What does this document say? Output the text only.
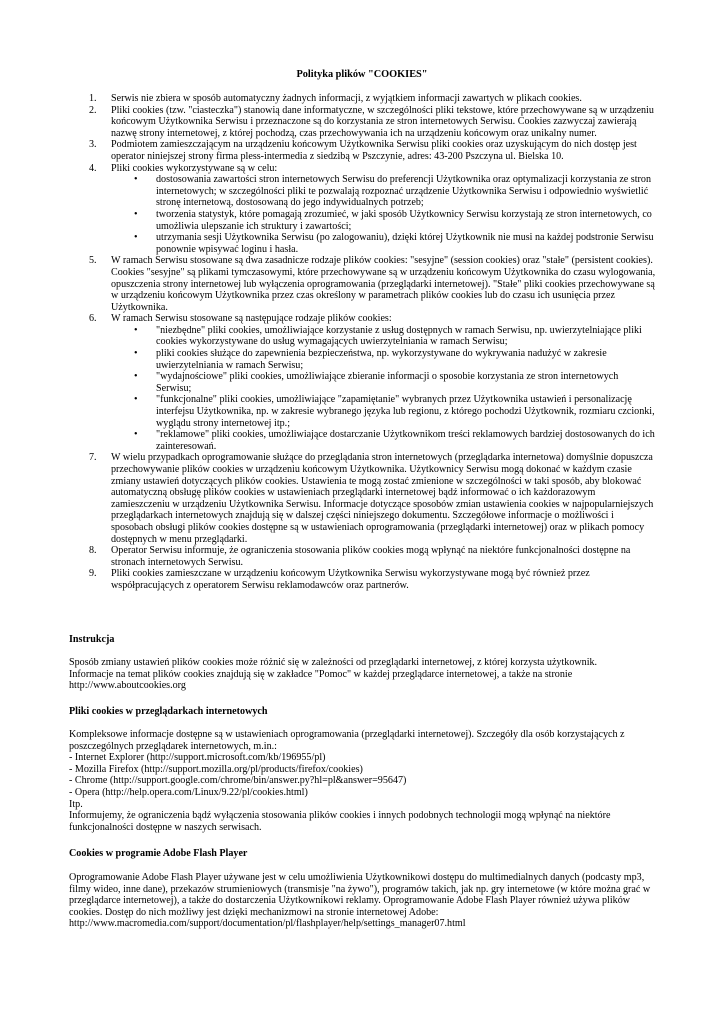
Polityka plików "COOKIES"
1. Serwis nie zbiera w sposób automatyczny żadnych informacji, z wyjątkiem informacji zawartych w plikach cookies.
2. Pliki cookies (tzw. "ciasteczka") stanowią dane informatyczne, w szczególności pliki tekstowe, które przechowywane są w urządzeniu końcowym Użytkownika Serwisu i przeznaczone są do korzystania ze stron internetowych Serwisu. Cookies zazwyczaj zawierają nazwę strony internetowej, z której pochodzą, czas przechowywania ich na urządzeniu końcowym oraz unikalny numer.
3. Podmiotem zamieszczającym na urządzeniu końcowym Użytkownika Serwisu pliki cookies oraz uzyskującym do nich dostęp jest operator niniejszej strony firma pless-intermedia z siedzibą w Pszczynie, adres: 43-200 Pszczyna ul. Bielska 10.
4. Pliki cookies wykorzystywane są w celu:
• dostosowania zawartości stron internetowych Serwisu do preferencji Użytkownika oraz optymalizacji korzystania ze stron internetowych; w szczególności pliki te pozwalają rozpoznać urządzenie Użytkownika Serwisu i odpowiednio wyświetlić stronę internetową, dostosowaną do jego indywidualnych potrzeb;
• tworzenia statystyk, które pomagają zrozumieć, w jaki sposób Użytkownicy Serwisu korzystają ze stron internetowych, co umożliwia ulepszanie ich struktury i zawartości;
• utrzymania sesji Użytkownika Serwisu (po zalogowaniu), dzięki której Użytkownik nie musi na każdej podstronie Serwisu ponownie wpisywać loginu i hasła.
5. W ramach Serwisu stosowane są dwa zasadnicze rodzaje plików cookies: "sesyjne" (session cookies) oraz "stałe" (persistent cookies). Cookies "sesyjne" są plikami tymczasowymi, które przechowywane są w urządzeniu końcowym Użytkownika do czasu wylogowania, opuszczenia strony internetowej lub wyłączenia oprogramowania (przeglądarki internetowej). "Stałe" pliki cookies przechowywane są w urządzeniu końcowym Użytkownika przez czas określony w parametrach plików cookies lub do czasu ich usunięcia przez Użytkownika.
6. W ramach Serwisu stosowane są następujące rodzaje plików cookies:
• "niezbędne" pliki cookies, umożliwiające korzystanie z usług dostępnych w ramach Serwisu, np. uwierzytelniające pliki cookies wykorzystywane do usług wymagających uwierzytelniania w ramach Serwisu;
• pliki cookies służące do zapewnienia bezpieczeństwa, np. wykorzystywane do wykrywania nadużyć w zakresie uwierzytelniania w ramach Serwisu;
• "wydajnościowe" pliki cookies, umożliwiające zbieranie informacji o sposobie korzystania ze stron internetowych Serwisu;
• "funkcjonalne" pliki cookies, umożliwiające "zapamiętanie" wybranych przez Użytkownika ustawień i personalizację interfejsu Użytkownika, np. w zakresie wybranego języka lub regionu, z którego pochodzi Użytkownik, rozmiaru czcionki, wyglądu strony internetowej itp.;
• "reklamowe" pliki cookies, umożliwiające dostarczanie Użytkownikom treści reklamowych bardziej dostosowanych do ich zainteresowań.
7. W wielu przypadkach oprogramowanie służące do przeglądania stron internetowych (przeglądarka internetowa) domyślnie dopuszcza przechowywanie plików cookies w urządzeniu końcowym Użytkownika. Użytkownicy Serwisu mogą dokonać w każdym czasie zmiany ustawień dotyczących plików cookies. Ustawienia te mogą zostać zmienione w szczególności w taki sposób, aby blokować automatyczną obsługę plików cookies w ustawieniach przeglądarki internetowej bądź informować o ich każdorazowym zamieszczeniu w urządzeniu Użytkownika Serwisu. Informacje dotyczące sposobów zmian ustawienia cookies w najpopularniejszych przeglądarkach internetowych znajdują się w dalszej części niniejszego dokumentu. Szczegółowe informacje o możliwości i sposobach obsługi plików cookies dostępne są w ustawieniach oprogramowania (przeglądarki internetowej) oraz w plikach pomocy dostępnych w menu przeglądarki.
8. Operator Serwisu informuje, że ograniczenia stosowania plików cookies mogą wpłynąć na niektóre funkcjonalności dostępne na stronach internetowych Serwisu.
9. Pliki cookies zamieszczane w urządzeniu końcowym Użytkownika Serwisu wykorzystywane mogą być również przez współpracujących z operatorem Serwisu reklamodawców oraz partnerów.
Instrukcja
Sposób zmiany ustawień plików cookies może różnić się w zależności od przeglądarki internetowej, z której korzysta użytkownik.
Informacje na temat plików cookies znajdują się w zakładce "Pomoc" w każdej przeglądarce internetowej, a także na stronie
http://www.aboutcookies.org
Pliki cookies w przeglądarkach internetowych

Kompleksowe informacje dostępne są w ustawieniach oprogramowania (przeglądarki internetowej). Szczegóły dla osób korzystających z poszczególnych przeglądarek internetowych, m.in.:

- Internet Explorer (http://support.microsoft.com/kb/196955/pl)
- Mozilla Firefox (http://support.mozilla.org/pl/products/firefox/cookies)
- Chrome (http://support.google.com/chrome/bin/answer.py?hl=pl&answer=95647)
- Opera (http://help.opera.com/Linux/9.22/pl/cookies.html)
Itp.

Informujemy, że ograniczenia bądź wyłączenia stosowania plików cookies i innych podobnych technologii mogą wpłynąć na niektóre funkcjonalności dostępne w naszych serwisach.

Cookies w programie Adobe Flash Player

Oprogramowanie Adobe Flash Player używane jest w celu umożliwienia Użytkownikowi dostępu do multimedialnych danych (podcasty mp3, filmy wideo, inne dane), przekazów strumieniowych (transmisje "na żywo"), programów takich, jak np. gry internetowe (w które można grać w przeglądarce internetowej), a także do dostarczenia Użytkownikowi reklamy. Oprogramowanie Adobe Flash Player również używa plików cookies. Dostęp do nich możliwy jest dzięki mechanizmowi na stronie internetowej Adobe:

http://www.macromedia.com/support/documentation/pl/flashplayer/help/settings_manager07.html
